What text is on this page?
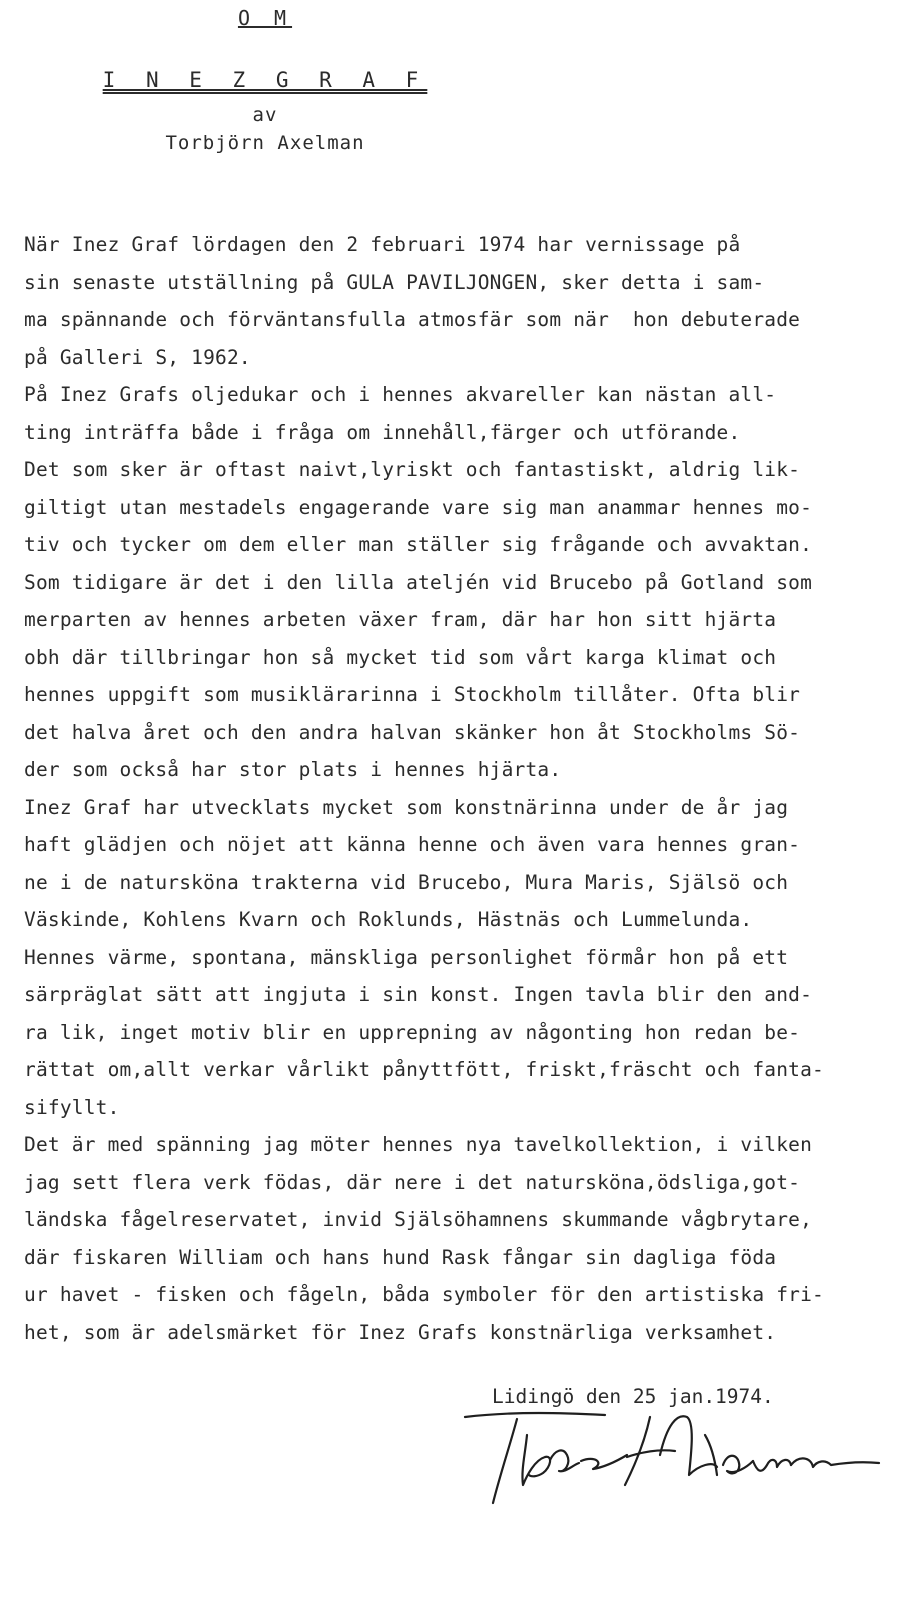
O M
I N E Z G R A F
av
Torbjörn Axelman
När Inez Graf lördagen den 2 februari 1974 har vernissage på
sin senaste utställning på GULA PAVILJONGEN, sker detta i sam-
ma spännande och förväntansfulla atmosfär som när  hon debuterade
på Galleri S, 1962.
På Inez Grafs oljedukar och i hennes akvareller kan nästan all-
ting inträffa både i fråga om innehåll,färger och utförande.
Det som sker är oftast naivt,lyriskt och fantastiskt, aldrig lik-
giltigt utan mestadels engagerande vare sig man anammar hennes mo-
tiv och tycker om dem eller man ställer sig frågande och avvaktan.
Som tidigare är det i den lilla ateljén vid Brucebo på Gotland som
merparten av hennes arbeten växer fram, där har hon sitt hjärta
obh där tillbringar hon så mycket tid som vårt karga klimat och
hennes uppgift som musiklärarinna i Stockholm tillåter. Ofta blir
det halva året och den andra halvan skänker hon åt Stockholms Sö-
der som också har stor plats i hennes hjärta.
Inez Graf har utvecklats mycket som konstnärinna under de år jag
haft glädjen och nöjet att känna henne och även vara hennes gran-
ne i de natursköna trakterna vid Brucebo, Mura Maris, Själsö och
Väskinde, Kohlens Kvarn och Roklunds, Hästnäs och Lummelunda.
Hennes värme, spontana, mänskliga personlighet förmår hon på ett
särpräglat sätt att ingjuta i sin konst. Ingen tavla blir den and-
ra lik, inget motiv blir en upprepning av någonting hon redan be-
rättat om,allt verkar vårlikt pånyttfött, friskt,fräscht och fanta-
sifyllt.
Det är med spänning jag möter hennes nya tavelkollektion, i vilken
jag sett flera verk födas, där nere i det natursköna,ödsliga,got-
ländska fågelreservatet, invid Själsöhamnens skummande vågbrytare,
där fiskaren William och hans hund Rask fångar sin dagliga föda
ur havet - fisken och fågeln, båda symboler för den artistiska fri-
het, som är adelsmärket för Inez Grafs konstnärliga verksamhet.
Lidingö den 25 jan.1974.
